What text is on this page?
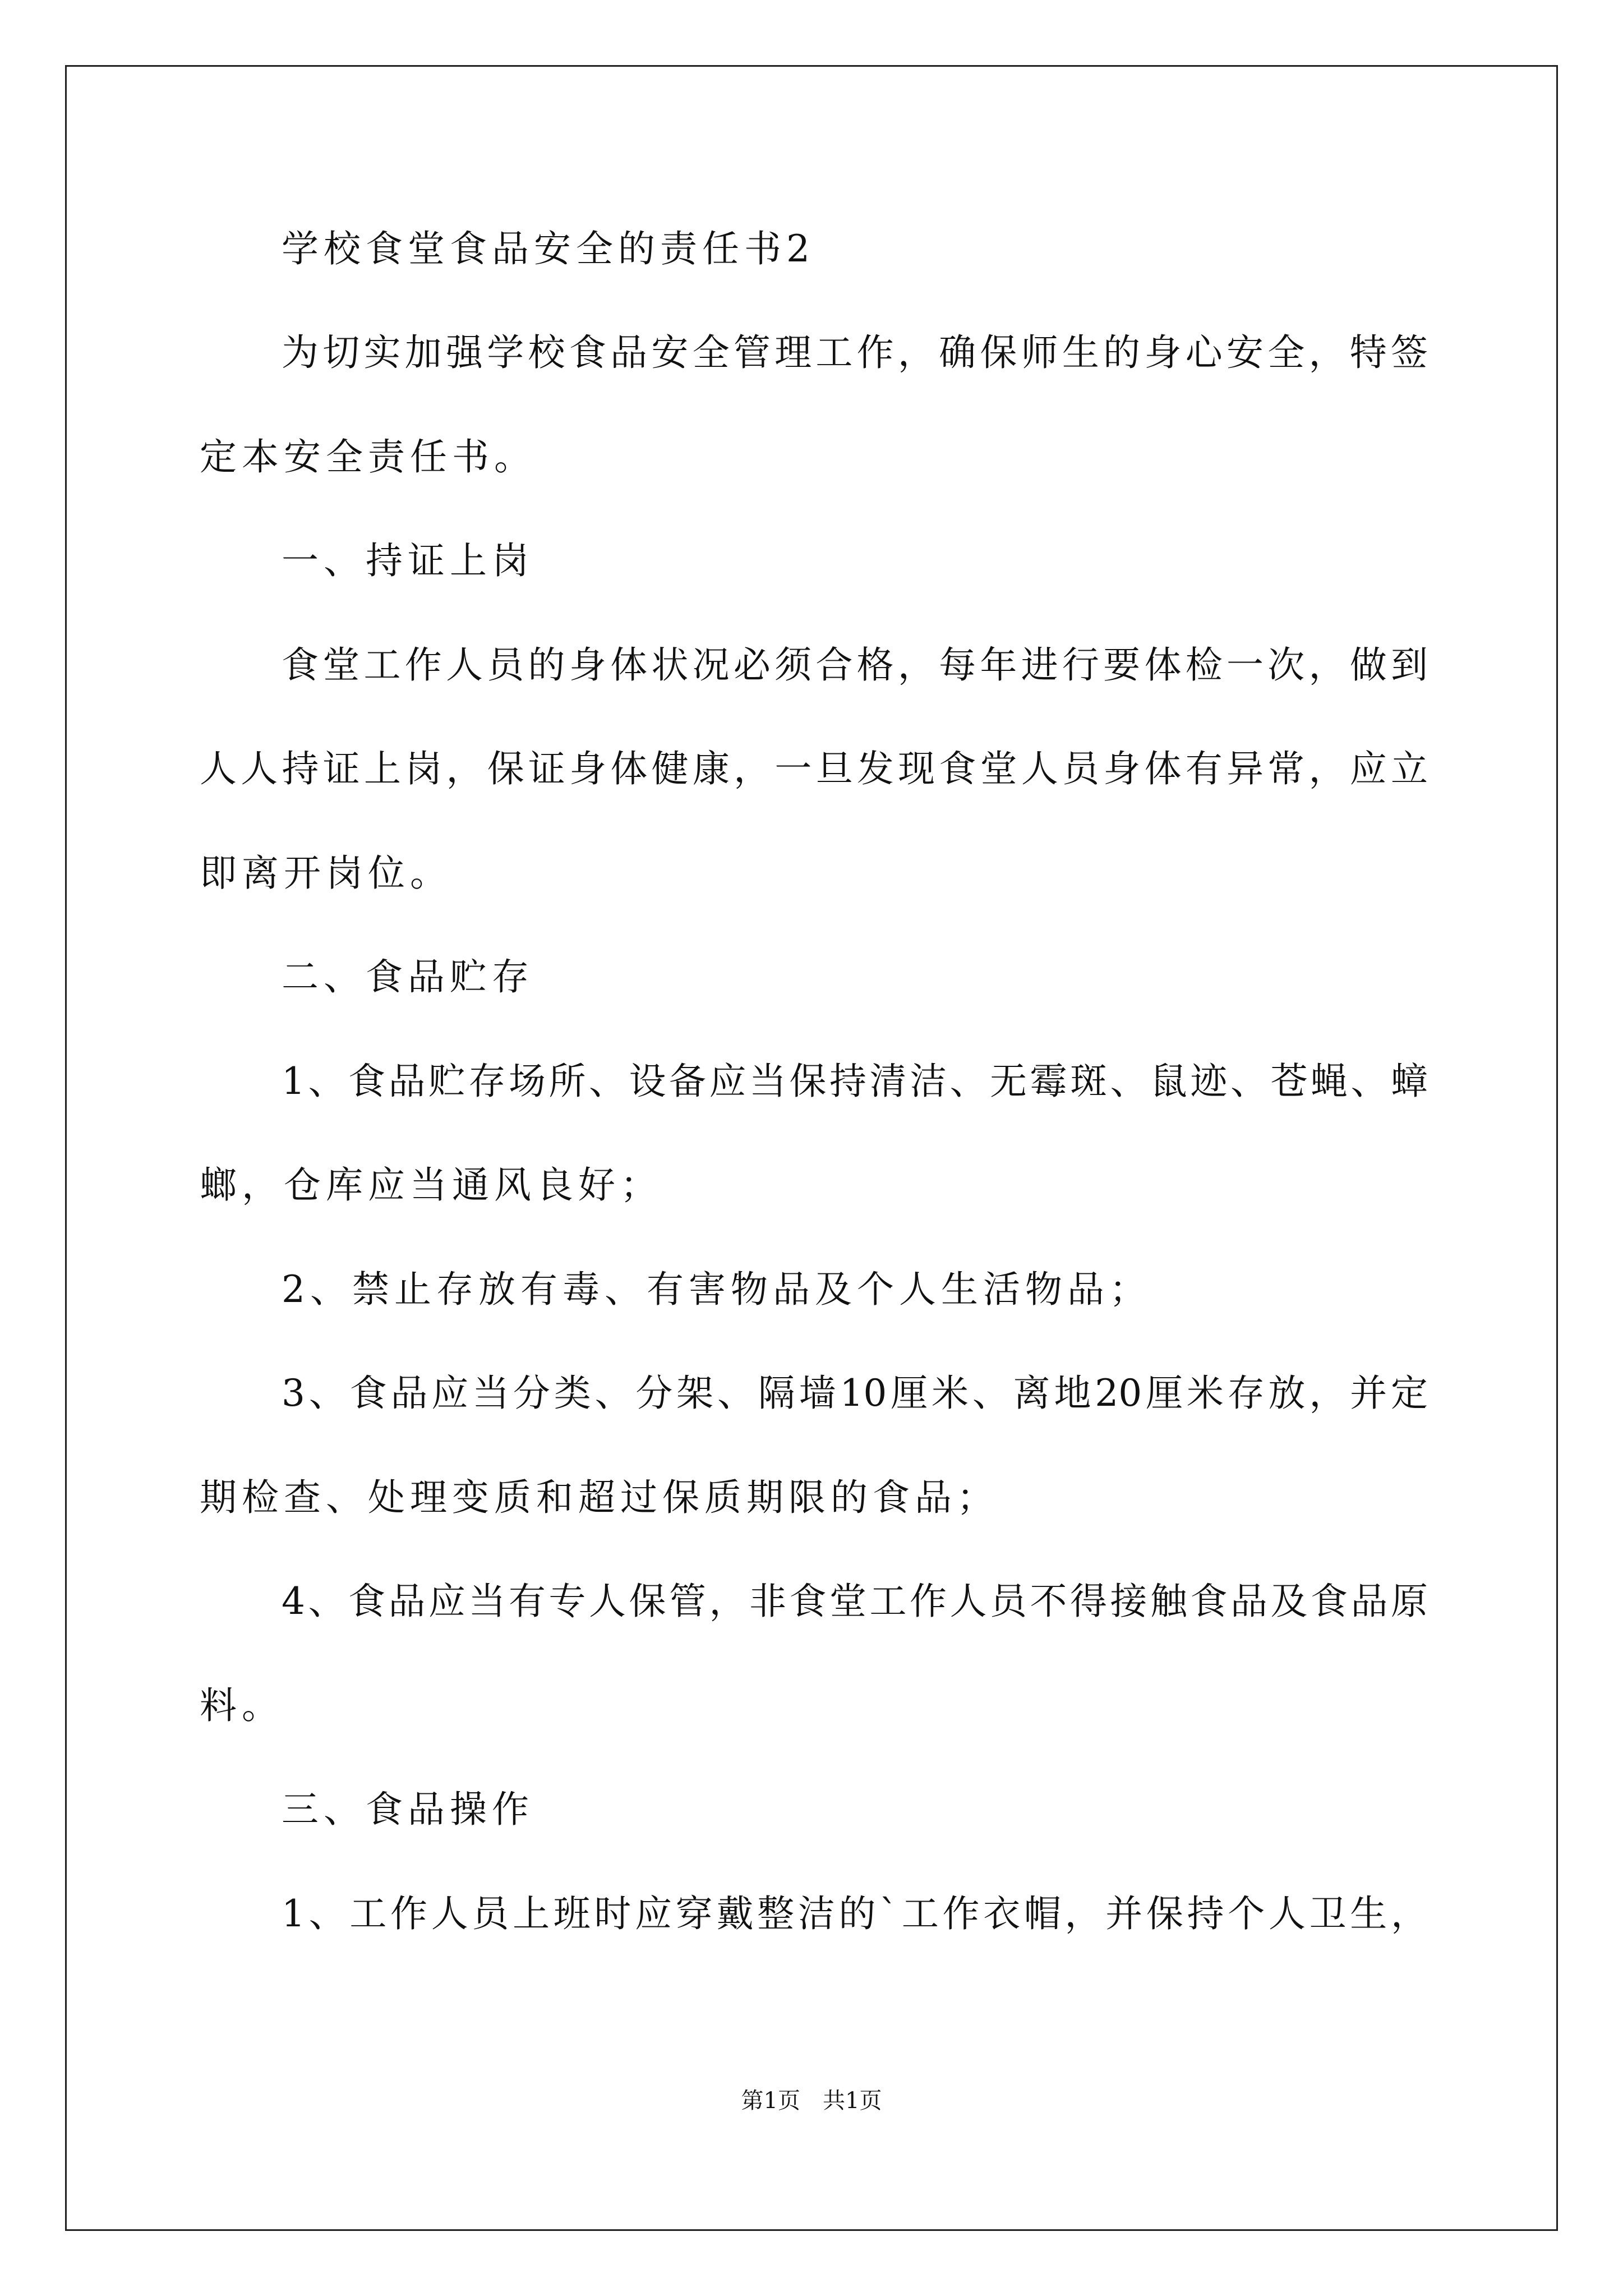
学校食堂食品安全的责任书2
为切实加强学校食品安全管理工作，确保师生的身心安全，特签
定本安全责任书。
一、持证上岗
食堂工作人员的身体状况必须合格，每年进行要体检一次，做到
人人持证上岗，保证身体健康，一旦发现食堂人员身体有异常，应立
即离开岗位。
二、食品贮存
1、食品贮存场所、设备应当保持清洁、无霉斑、鼠迹、苍蝇、蟑
螂，仓库应当通风良好；
2、禁止存放有毒、有害物品及个人生活物品；
3、食品应当分类、分架、隔墙10厘米、离地20厘米存放，并定
期检查、处理变质和超过保质期限的食品；
4、食品应当有专人保管，非食堂工作人员不得接触食品及食品原
料。
三、食品操作
1、工作人员上班时应穿戴整洁的`工作衣帽，并保持个人卫生，
第1页　共1页
